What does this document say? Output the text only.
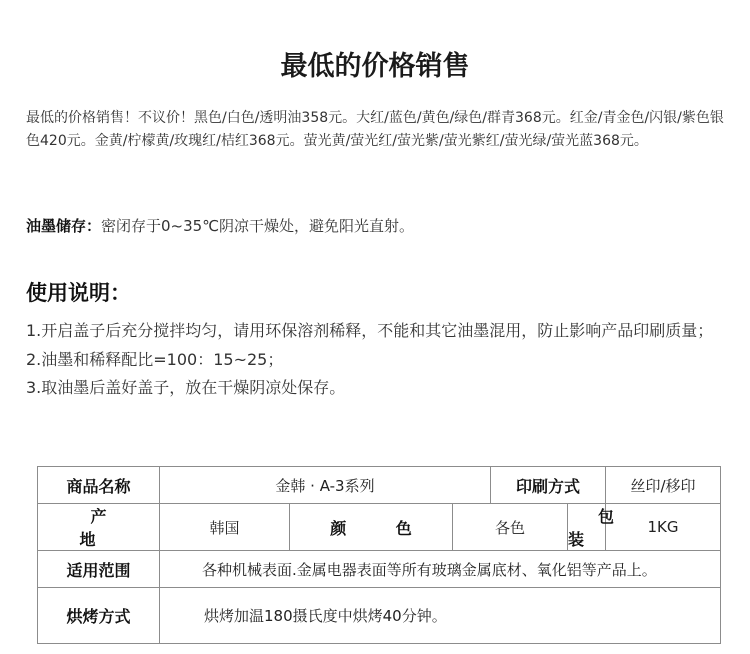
最低的价格销售
最低的价格销售！不议价！黑色/白色/透明油358元。大红/蓝色/黄色/绿色/群青368元。红金/青金色/闪银/紫色银色420元。金黄/柠檬黄/玫瑰红/桔红368元。萤光黄/萤光红/萤光紫/萤光紫红/萤光绿/萤光蓝368元。
油墨储存：密闭存于0~35℃阴凉干燥处，避免阳光直射。
使用说明：

1.开启盖子后充分搅拌均匀，请用环保溶剂稀释，不能和其它油墨混用，防止影响产品印刷质量；

2.油墨和稀释配比=100：15~25；

3.取油墨后盖好盖子，放在干燥阴凉处保存。

商品名称	金韩 · A-3系列			印刷方式		丝印/移印
产 地	韩国	颜 色	各色		包 装	1KG
适用范围	各种机械表面.金属电器表面等所有玻璃金属底材、氧化铝等产品上。					
烘烤方式	烘烤加温180摄氏度中烘烤40分钟。					
